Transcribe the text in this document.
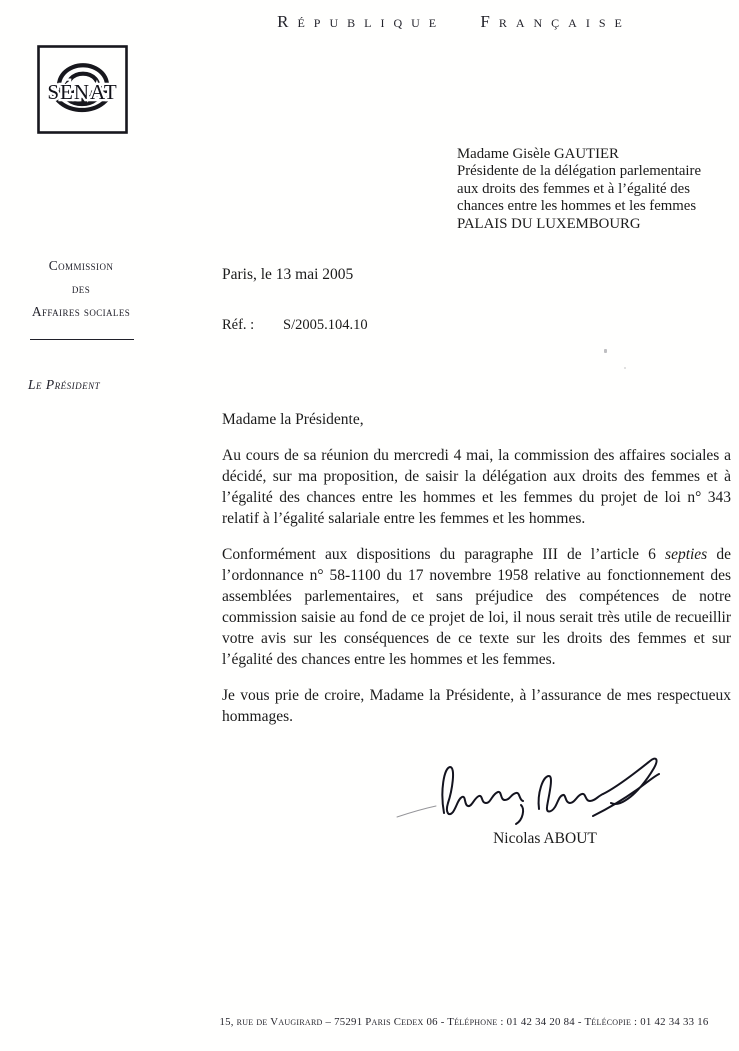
République Française
SÉNAT
Madame Gisèle GAUTIER
Présidente de la délégation parlementaire
aux droits des femmes et à l’égalité des
chances entre les hommes et les femmes
PALAIS DU LUXEMBOURG
Commission
des
Affaires sociales
Le Président
Paris, le 13 mai 2005
Réf. : S/2005.104.10

Madame la Présidente,

Au cours de sa réunion du mercredi 4 mai, la commission des affaires sociales a décidé, sur ma proposition, de saisir la délégation aux droits des femmes et à l’égalité des chances entre les hommes et les femmes du projet de loi n° 343 relatif à l’égalité salariale entre les femmes et les hommes.

Conformément aux dispositions du paragraphe III de l’article 6 septies de l’ordonnance n° 58-1100 du 17 novembre 1958 relative au fonctionnement des assemblées parlementaires, et sans préjudice des compétences de notre commission saisie au fond de ce projet de loi, il nous serait très utile de recueillir votre avis sur les conséquences de ce texte sur les droits des femmes et sur l’égalité des chances entre les hommes et les femmes.

Je vous prie de croire, Madame la Présidente, à l’assurance de mes respectueux hommages.

Nicolas ABOUT
15, rue de Vaugirard – 75291 Paris Cedex 06 - Téléphone : 01 42 34 20 84 - Télécopie : 01 42 34 33 16
